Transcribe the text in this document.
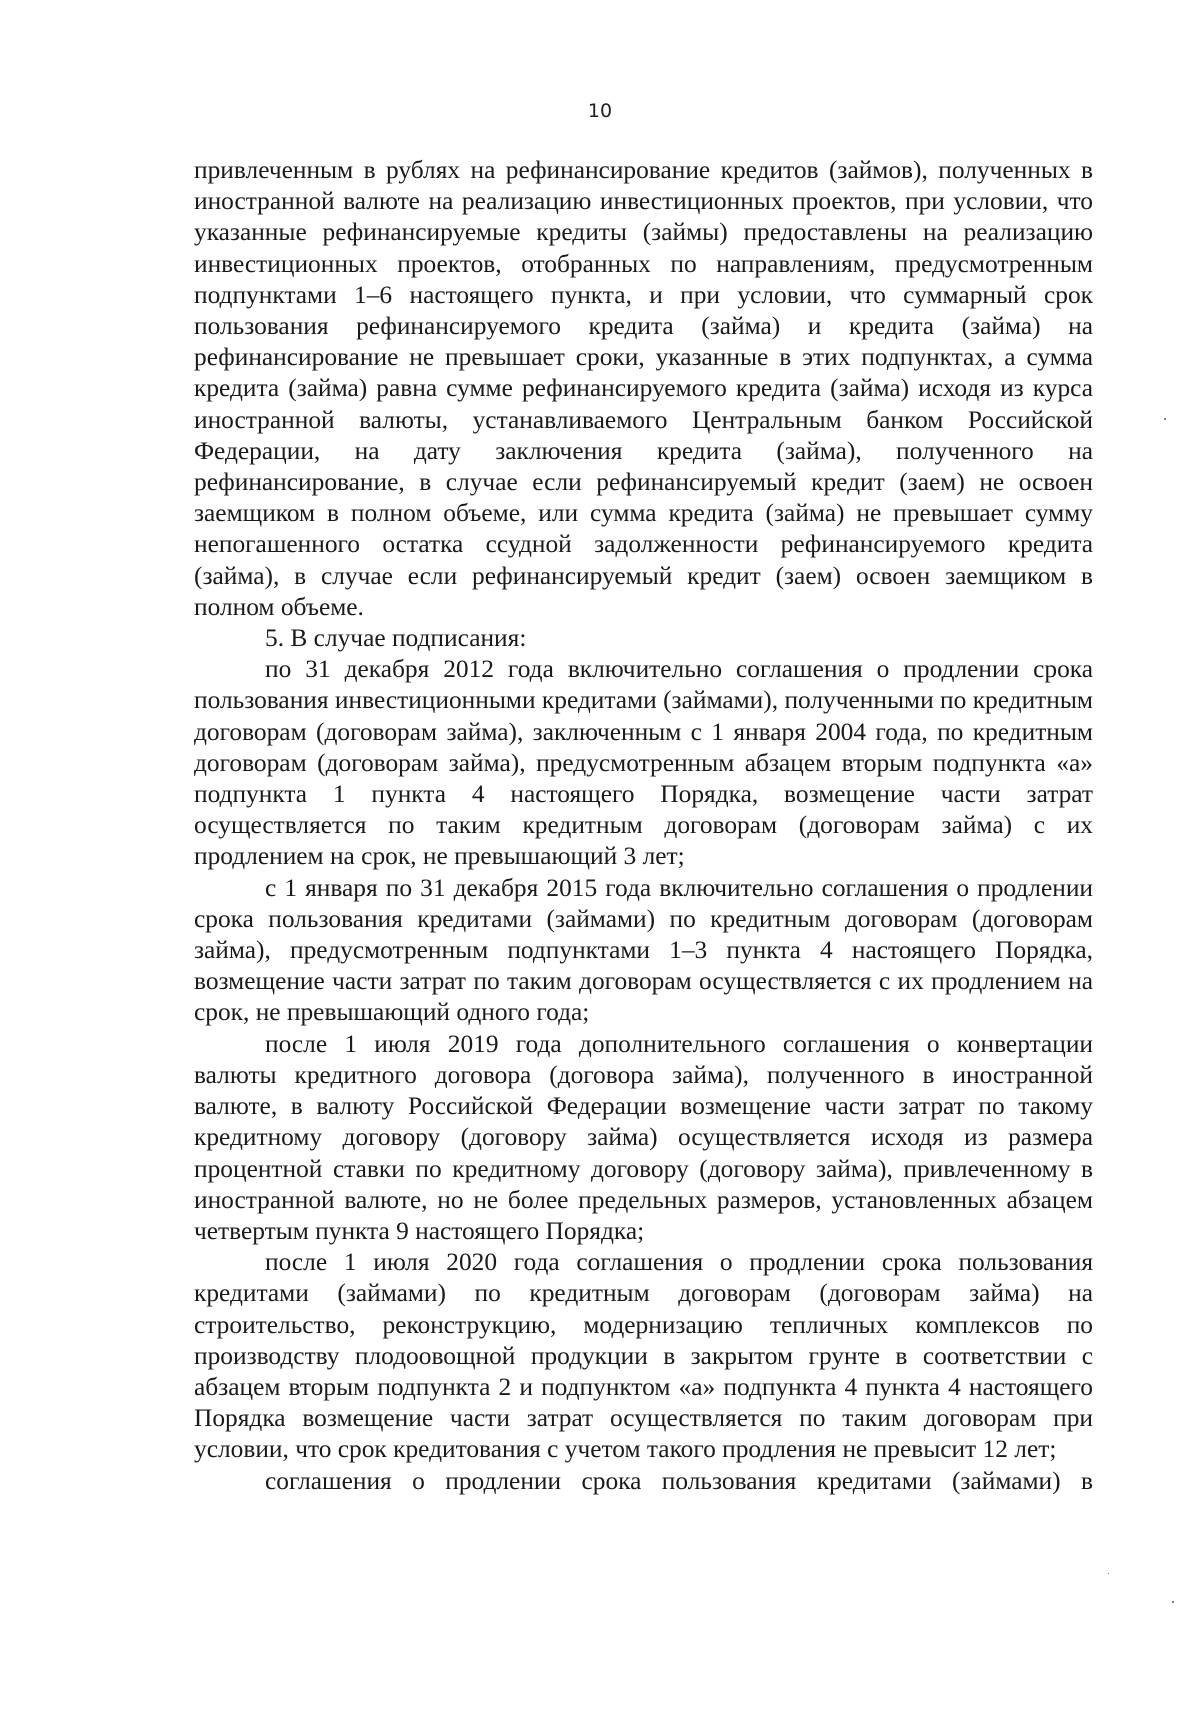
10

привлеченным в рублях на рефинансирование кредитов (займов), полученных в иностранной валюте на реализацию инвестиционных проектов, при условии, что указанные рефинансируемые кредиты (займы) предоставлены на реализацию инвестиционных проектов, отобранных по направлениям, предусмотренным подпунктами 1–6 настоящего пункта, и при условии, что суммарный срок пользования рефинансируемого кредита (займа) и кредита (займа) на рефинансирование не превышает сроки, указанные в этих подпунктах, а сумма кредита (займа) равна сумме рефинансируемого кредита (займа) исходя из курса иностранной валюты, устанавливаемого Центральным банком Российской Федерации, на дату заключения кредита (займа), полученного на рефинансирование, в случае если рефинансируемый кредит (заем) не освоен заемщиком в полном объеме, или сумма кредита (займа) не превышает сумму непогашенного остатка ссудной задолженности рефинансируемого кредита (займа), в случае если рефинансируемый кредит (заем) освоен заемщиком в полном объеме.

5. В случае подписания:

по 31 декабря 2012 года включительно соглашения о продлении срока пользования инвестиционными кредитами (займами), полученными по кредитным договорам (договорам займа), заключенным с 1 января 2004 года, по кредитным договорам (договорам займа), предусмотренным абзацем вторым подпункта «а» подпункта 1 пункта 4 настоящего Порядка, возмещение части затрат осуществляется по таким кредитным договорам (договорам займа) с их продлением на срок, не превышающий 3 лет;

с 1 января по 31 декабря 2015 года включительно соглашения о продлении срока пользования кредитами (займами) по кредитным договорам (договорам займа), предусмотренным подпунктами 1–3 пункта 4 настоящего Порядка, возмещение части затрат по таким договорам осуществляется с их продлением на срок, не превышающий одного года;

после 1 июля 2019 года дополнительного соглашения о конвертации валюты кредитного договора (договора займа), полученного в иностранной валюте, в валюту Российской Федерации возмещение части затрат по такому кредитному договору (договору займа) осуществляется исходя из размера процентной ставки по кредитному договору (договору займа), привлеченному в иностранной валюте, но не более предельных размеров, установленных абзацем четвертым пункта 9 настоящего Порядка;

после 1 июля 2020 года соглашения о продлении срока пользования кредитами (займами) по кредитным договорам (договорам займа) на строительство, реконструкцию, модернизацию тепличных комплексов по производству плодоовощной продукции в закрытом грунте в соответствии с абзацем вторым подпункта 2 и подпунктом «а» подпункта 4 пункта 4 настоящего Порядка возмещение части затрат осуществляется по таким договорам при условии, что срок кредитования с учетом такого продления не превысит 12 лет;

соглашения о продлении срока пользования кредитами (займами) в
